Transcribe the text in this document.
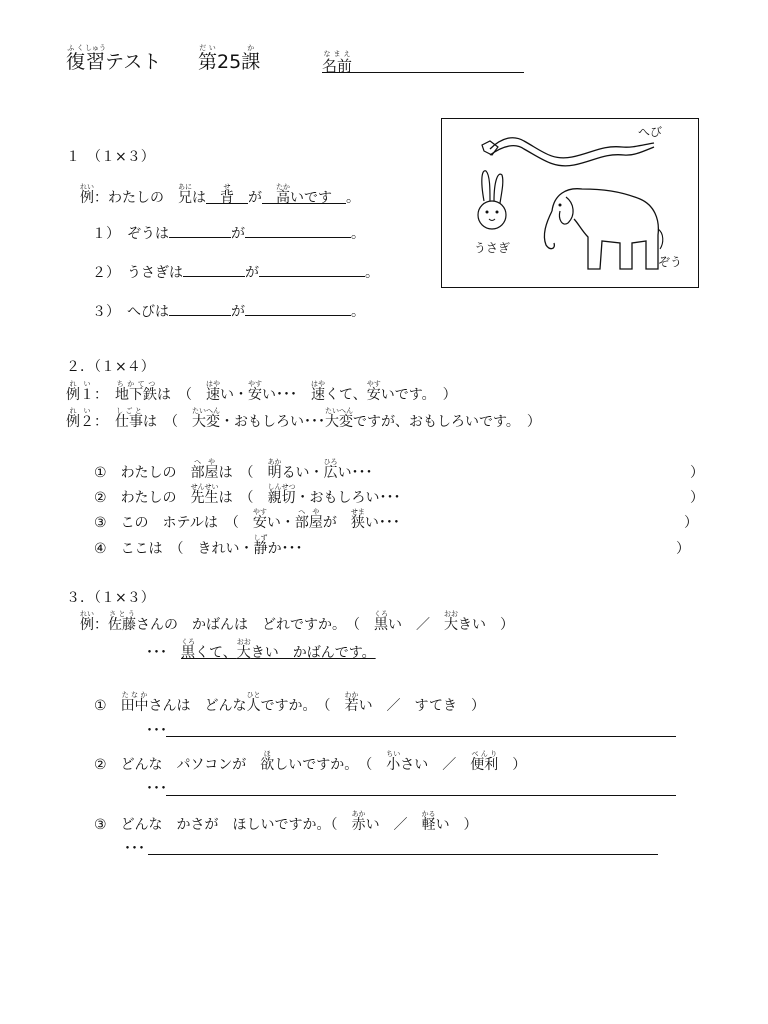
復ふく習しゅうテスト 第だい25課か
名前なまえ
へび
うさぎ
ぞう
１　（１×３）
例れい：わたしの　兄あには＿背せ＿が＿高たかいです＿。
１）　 ぞうは	が	。
２）　 うさぎは	が	。
３）　 へびは	が	。
２．（１×４）
例１れい：　 地下鉄ちかてつは　（　速はやい・安やすい･･･　速はやくて、安やすいです。　）
例２れい：　 仕事しごとは　（　大変たいへん・おもしろい･･･大変たいへんですが、おもしろいです。　）
①　 わたしの　部屋へやは　（　明あかるい・広ひろい･･･	）
②　 わたしの　先生せんせいは　（　親切しんせつ・おもしろい･･･	）
③　 この　ホテルは　（　安やすい・部屋へやが　狭せまい･･･	）
④　 ここは　（　きれい・静しずか･･･	）
３．（１×３）
例れい：佐藤さとうさんの　かばんは　どれですか。　（　黒くろい　／　大おおきい　）
･･･　 黒くろくて、大おおきい　かばんです。
①　 田中たなかさんは　どんな人ひとですか。　（　若わかい　／　すてき　）
･･･
②　 どんな　パソコンが　欲ほしいですか。　（　小ちいさい　／　便利べんり　）
･･･
③　 どんな　かさが　ほしいですか。（　赤あかい　／　軽かるい　）
･･･
